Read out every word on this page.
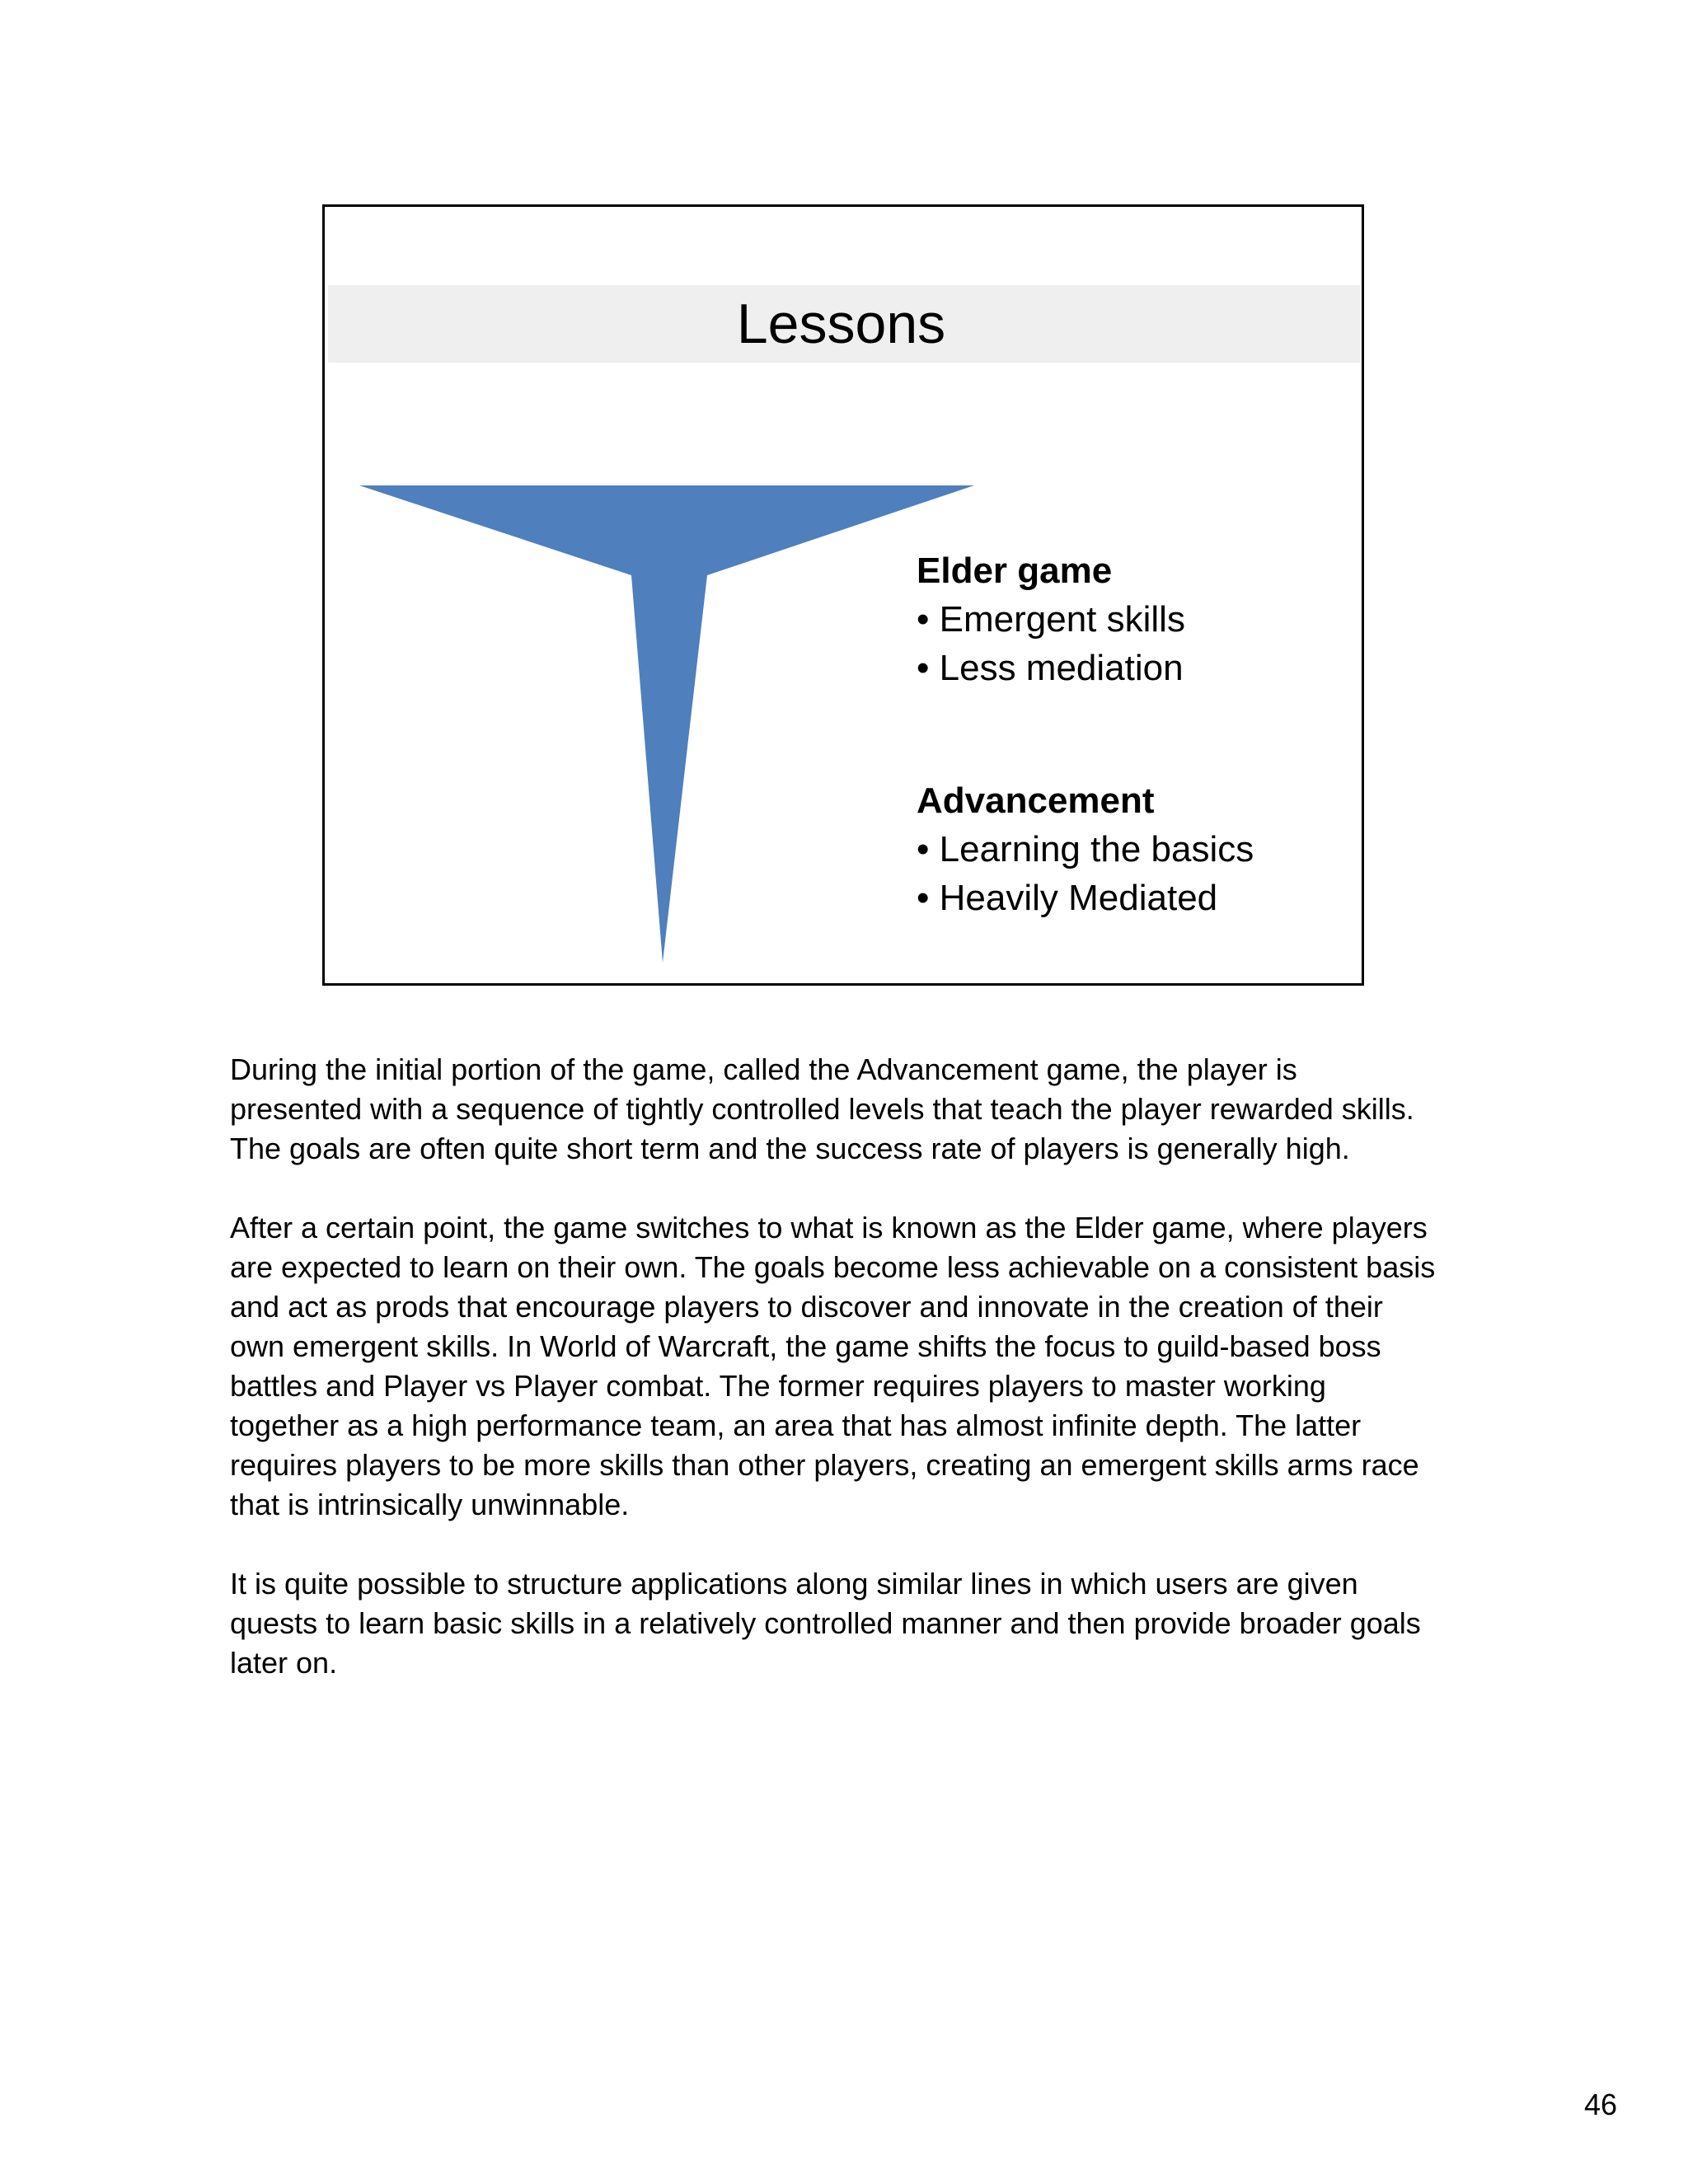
Lessons
Elder game
• Emergent skills
• Less mediation
Advancement
• Learning the basics
• Heavily Mediated

During the initial portion of the game, called the Advancement game, the player is
presented with a sequence of tightly controlled levels that teach the player rewarded skills.
The goals are often quite short term and the success rate of players is generally high.

After a certain point, the game switches to what is known as the Elder game, where players
are expected to learn on their own. The goals become less achievable on a consistent basis
and act as prods that encourage players to discover and innovate in the creation of their
own emergent skills. In World of Warcraft, the game shifts the focus to guild-based boss
battles and Player vs Player combat. The former requires players to master working
together as a high performance team, an area that has almost infinite depth. The latter
requires players to be more skills than other players, creating an emergent skills arms race
that is intrinsically unwinnable.

It is quite possible to structure applications along similar lines in which users are given
quests to learn basic skills in a relatively controlled manner and then provide broader goals
later on.

46
